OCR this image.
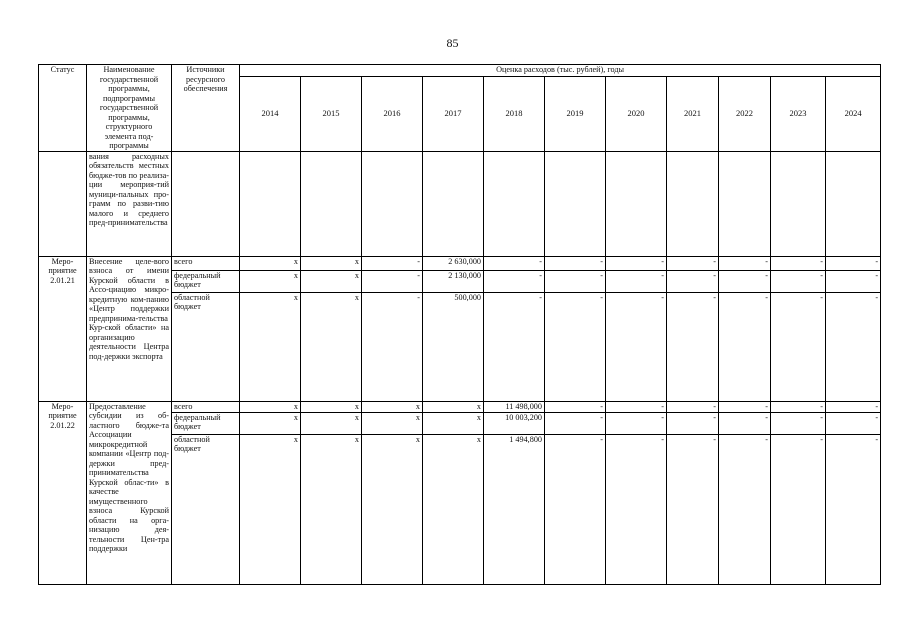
85
Статус	Наименование государственной программы, подпрограммы государственной программы, структурного элемента под-программы	Источники ресурсного обеспечения	Оценка расходов (тыс. рублей), годы										
			2014	2015	2016	2017	2018	2019	2020	2021	2022	2023	2024
	вания расходных обязательств местных бюдже-тов по реализа-ции мероприя-тий муници-пальных про-грамм по разви-тию малого и среднего пред-принимательства												
Меро-приятие 2.01.21	Внесение целе-вого взноса от имени Курской области в Ассо-циацию микро-кредитную ком-панию «Центр поддержки предпринима-тельства Кур-ской области» на организацию деятельности Центра под-держки экспорта	всего	x	x	-	2 630,000	-	-	-	-	-	-	-
		федеральный бюджет	x	x	-	2 130,000	-	-	-	-	-	-	-
		областной бюджет	x	x	-	500,000	-	-	-	-	-	-	-
Меро-приятие 2.01.22	Предоставление субсидии из об-ластного бюдже-та Ассоциации микрокредитной компании «Центр под-держки пред-принимательства Курской облас-ти» в качестве имущественного взноса Курской области на орга-низацию дея-тельности Цен-тра поддержки	всего	x	x	x	x	11 498,000	-	-	-	-	-	-
		федеральный бюджет	x	x	x	x	10 003,200	-	-	-	-	-	-
		областной бюджет	x	x	x	x	1 494,800	-	-	-	-	-	-
